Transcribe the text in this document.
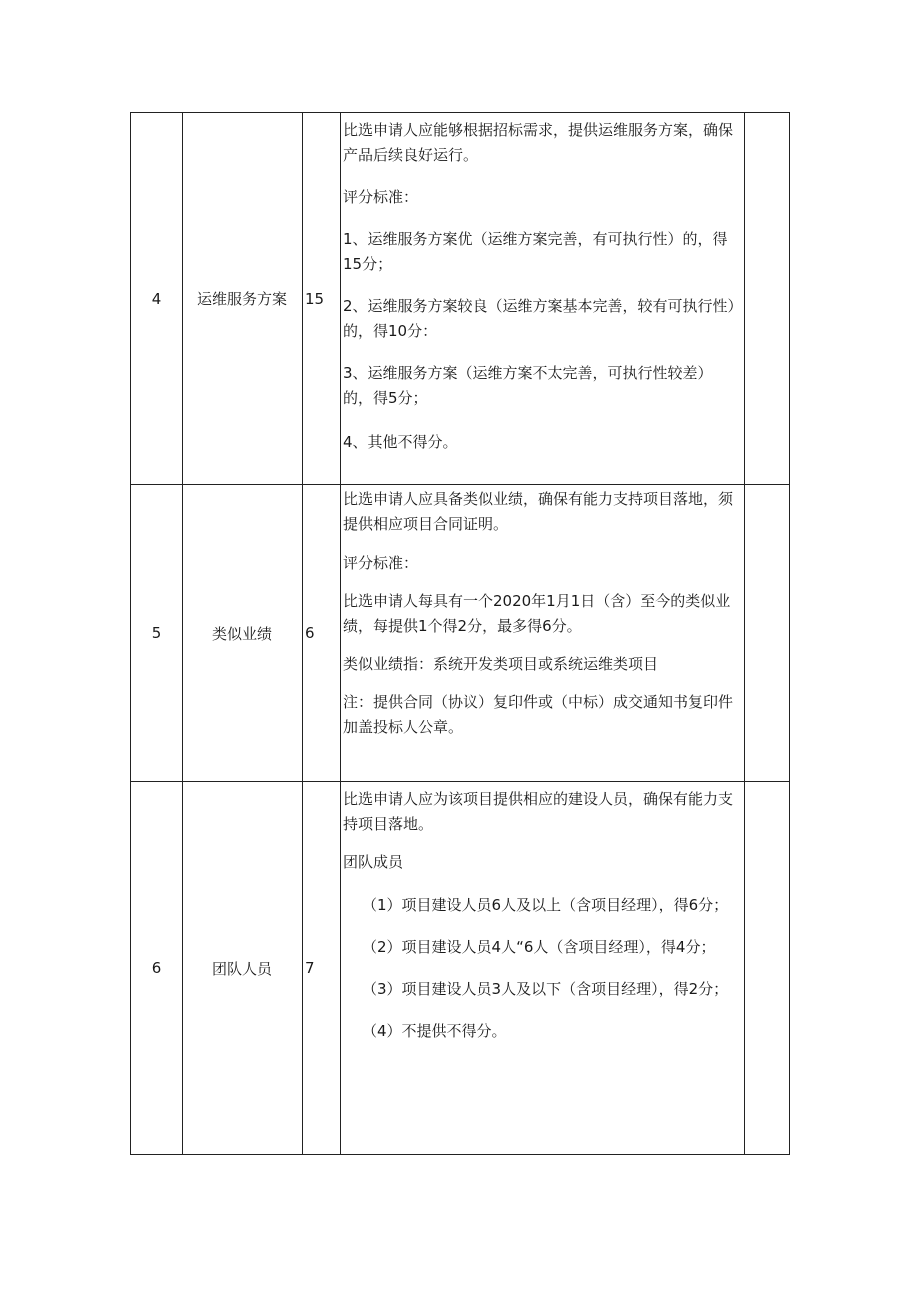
4	运维服务方案	15

比选申请人应能够根据招标需求，提供运维服务方案，确保产品后续良好运行。

评分标准：

1、运维服务方案优（运维方案完善，有可执行性）的，得15分；

2、运维服务方案较良（运维方案基本完善，较有可执行性）的，得10分：

3、运维服务方案（运维方案不太完善，可执行性较差）的，得5分；

4、其他不得分。

5	类似业绩	6

比选申请人应具备类似业绩，确保有能力支持项目落地，须提供相应项目合同证明。

评分标准：

比选申请人每具有一个2020年1月1日（含）至今的类似业绩，每提供1个得2分，最多得6分。

类似业绩指：系统开发类项目或系统运维类项目

注：提供合同（协议）复印件或（中标）成交通知书复印件加盖投标人公章。

6	团队人员	7

比选申请人应为该项目提供相应的建设人员，确保有能力支持项目落地。

团队成员

（1）项目建设人员6人及以上（含项目经理），得6分；

（2）项目建设人员4人“6人（含项目经理），得4分；

（3）项目建设人员3人及以下（含项目经理），得2分；

（4）不提供不得分。
